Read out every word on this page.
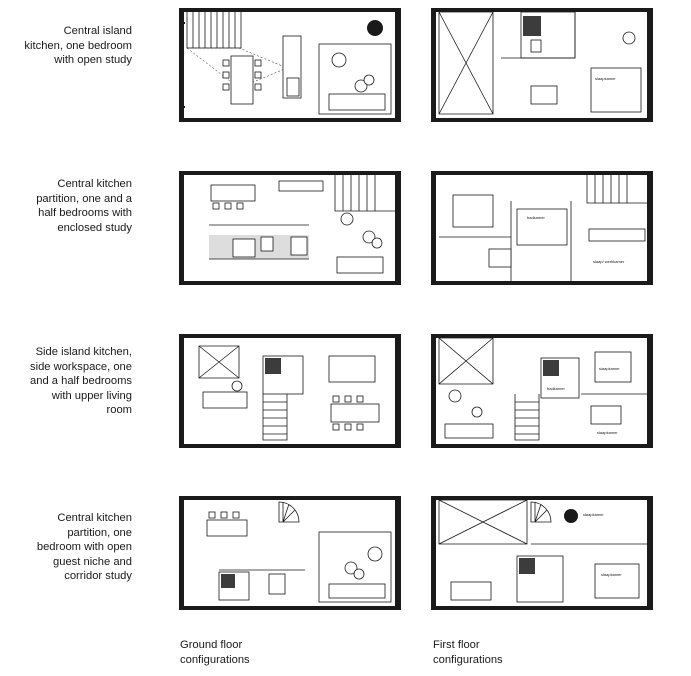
Central island
kitchen, one bedroom
with open study
Central kitchen
partition, one and a
half bedrooms with
enclosed study
Side island kitchen,
side workspace, one
and a half bedrooms
with upper living
room
Central kitchen
partition, one
bedroom with open
guest niche and
corridor study
slaapkamer
badkamer
slaap/ werkkamer
badkamer
slaapkamer
slaapkamer
slaapkamer
slaapkamer
Ground floor
configurations
First floor
configurations
